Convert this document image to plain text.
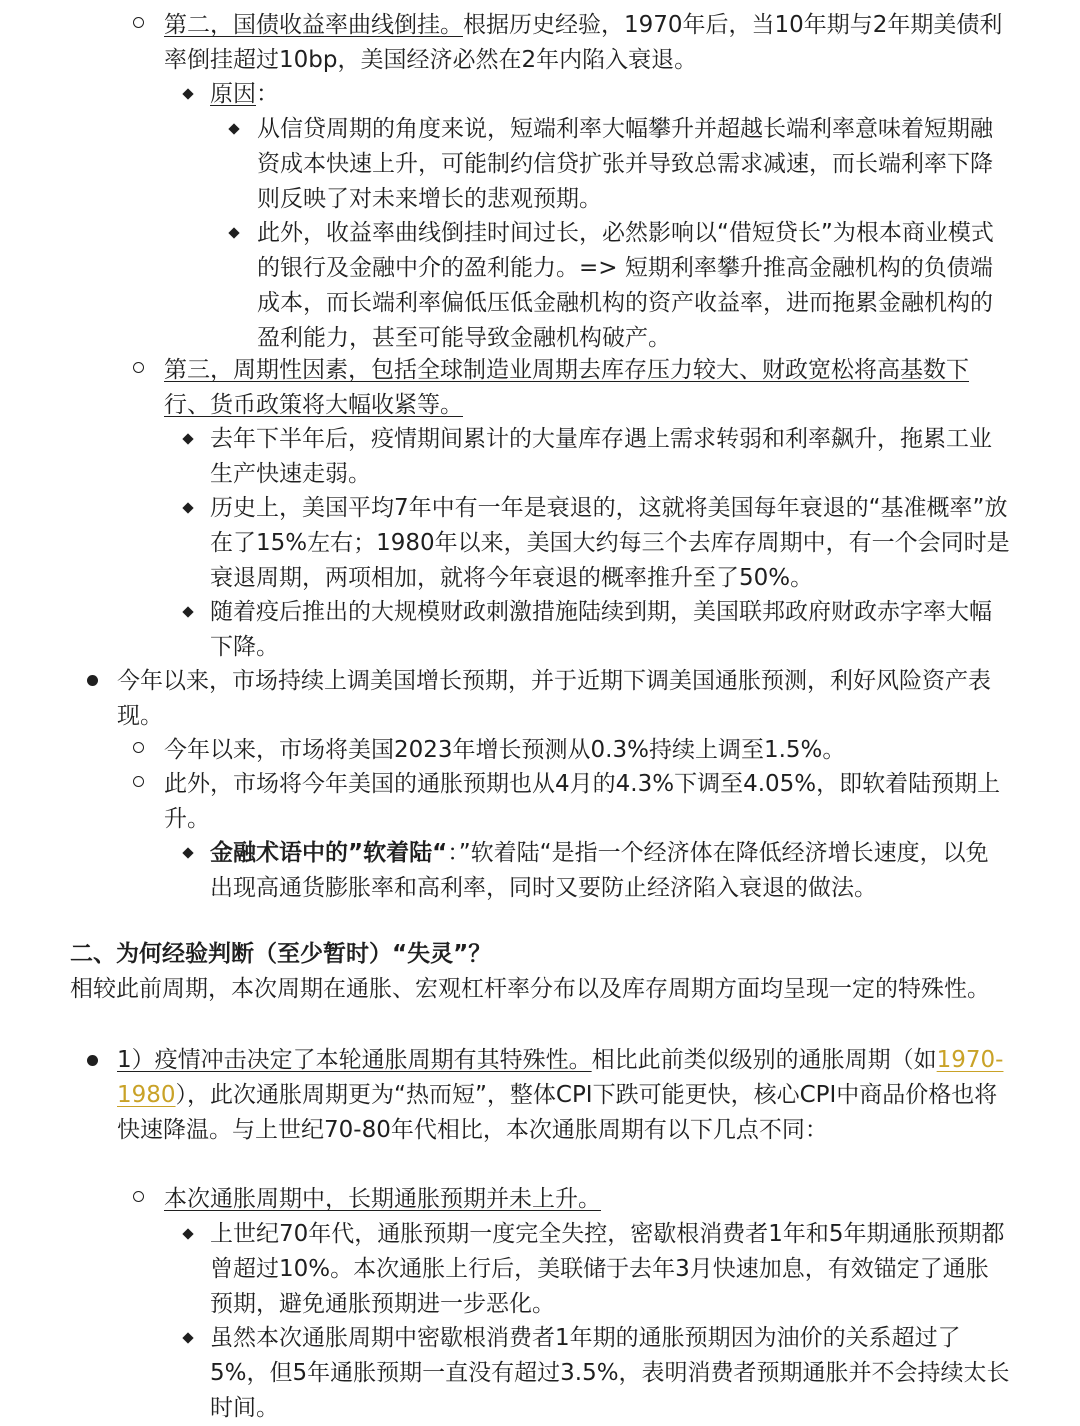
第二，国债收益率曲线倒挂。根据历史经验，1970年后，当10年期与2年期美债利率倒挂超过10bp，美国经济必然在2年内陷入衰退。

原因：

从信贷周期的角度来说，短端利率大幅攀升并超越长端利率意味着短期融资成本快速上升，可能制约信贷扩张并导致总需求减速，而长端利率下降则反映了对未来增长的悲观预期。

此外，收益率曲线倒挂时间过长，必然影响以“借短贷长”为根本商业模式的银行及金融中介的盈利能力。=> 短期利率攀升推高金融机构的负债端成本，而长端利率偏低压低金融机构的资产收益率，进而拖累金融机构的盈利能力，甚至可能导致金融机构破产。

第三，周期性因素，包括全球制造业周期去库存压力较大、财政宽松将高基数下行、货币政策将大幅收紧等。

去年下半年后，疫情期间累计的大量库存遇上需求转弱和利率飙升，拖累工业生产快速走弱。

历史上，美国平均7年中有一年是衰退的，这就将美国每年衰退的“基准概率”放在了15%左右；1980年以来，美国大约每三个去库存周期中，有一个会同时是衰退周期，两项相加，就将今年衰退的概率推升至了50%。

随着疫后推出的大规模财政刺激措施陆续到期，美国联邦政府财政赤字率大幅下降。

今年以来，市场持续上调美国增长预期，并于近期下调美国通胀预测，利好风险资产表现。

今年以来，市场将美国2023年增长预测从0.3%持续上调至1.5%。

此外，市场将今年美国的通胀预期也从4月的4.3%下调至4.05%，即软着陆预期上升。

金融术语中的”软着陆“：”软着陆“是指一个经济体在降低经济增长速度，以免出现高通货膨胀率和高利率，同时又要防止经济陷入衰退的做法。

二、为何经验判断（至少暂时）“失灵”？

相较此前周期，本次周期在通胀、宏观杠杆率分布以及库存周期方面均呈现一定的特殊性。

1）疫情冲击决定了本轮通胀周期有其特殊性。相比此前类似级别的通胀周期（如1970-1980），此次通胀周期更为“热而短”，整体CPI下跌可能更快，核心CPI中商品价格也将快速降温。与上世纪70-80年代相比，本次通胀周期有以下几点不同：

本次通胀周期中，长期通胀预期并未上升。

上世纪70年代，通胀预期一度完全失控，密歇根消费者1年和5年期通胀预期都曾超过10%。本次通胀上行后，美联储于去年3月快速加息，有效锚定了通胀预期，避免通胀预期进一步恶化。

虽然本次通胀周期中密歇根消费者1年期的通胀预期因为油价的关系超过了5%，但5年通胀预期一直没有超过3.5%，表明消费者预期通胀并不会持续太长时间。
